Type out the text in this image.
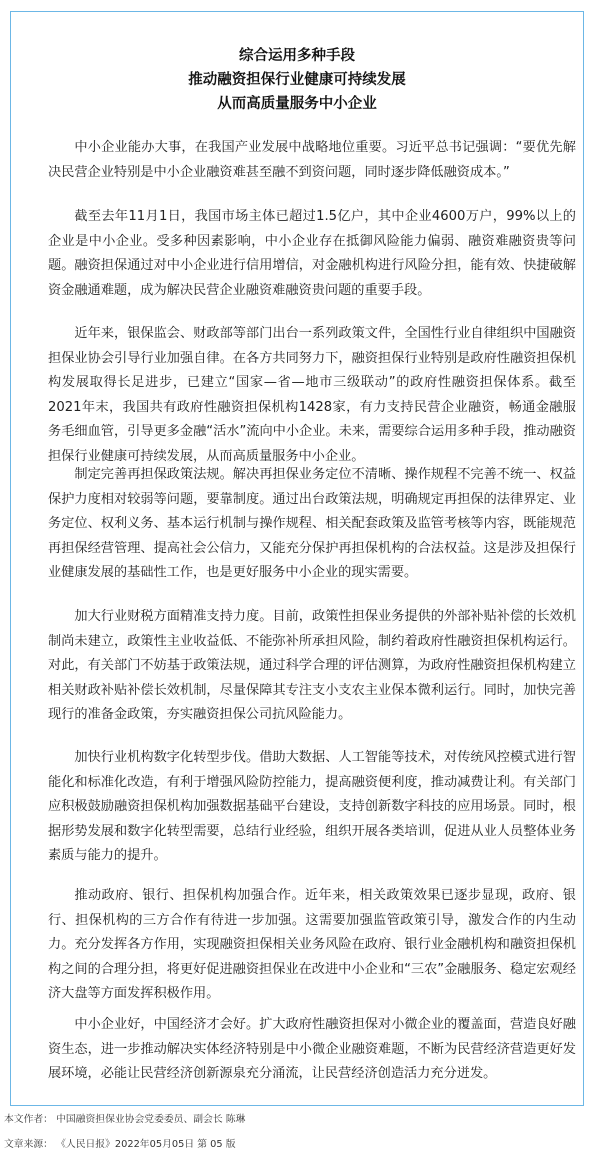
综合运用多种手段
推动融资担保行业健康可持续发展
从而高质量服务中小企业

中小企业能办大事，在我国产业发展中战略地位重要。习近平总书记强调：“要优先解决民营企业特别是中小企业融资难甚至融不到资问题，同时逐步降低融资成本。”

截至去年11月1日，我国市场主体已超过1.5亿户，其中企业4600万户，99%以上的企业是中小企业。受多种因素影响，中小企业存在抵御风险能力偏弱、融资难融资贵等问题。融资担保通过对中小企业进行信用增信，对金融机构进行风险分担，能有效、快捷破解资金融通难题，成为解决民营企业融资难融资贵问题的重要手段。

近年来，银保监会、财政部等部门出台一系列政策文件，全国性行业自律组织中国融资担保业协会引导行业加强自律。在各方共同努力下，融资担保行业特别是政府性融资担保机构发展取得长足进步，已建立“国家—省—地市三级联动”的政府性融资担保体系。截至2021年末，我国共有政府性融资担保机构1428家，有力支持民营企业融资，畅通金融服务毛细血管，引导更多金融“活水”流向中小企业。未来，需要综合运用多种手段，推动融资担保行业健康可持续发展，从而高质量服务中小企业。

制定完善再担保政策法规。解决再担保业务定位不清晰、操作规程不完善不统一、权益保护力度相对较弱等问题，要靠制度。通过出台政策法规，明确规定再担保的法律界定、业务定位、权利义务、基本运行机制与操作规程、相关配套政策及监管考核等内容，既能规范再担保经营管理、提高社会公信力，又能充分保护再担保机构的合法权益。这是涉及担保行业健康发展的基础性工作，也是更好服务中小企业的现实需要。

加大行业财税方面精准支持力度。目前，政策性担保业务提供的外部补贴补偿的长效机制尚未建立，政策性主业收益低、不能弥补所承担风险，制约着政府性融资担保机构运行。对此，有关部门不妨基于政策法规，通过科学合理的评估测算，为政府性融资担保机构建立相关财政补贴补偿长效机制，尽量保障其专注支小支农主业保本微利运行。同时，加快完善现行的准备金政策，夯实融资担保公司抗风险能力。

加快行业机构数字化转型步伐。借助大数据、人工智能等技术，对传统风控模式进行智能化和标准化改造，有利于增强风险防控能力，提高融资便利度，推动减费让利。有关部门应积极鼓励融资担保机构加强数据基础平台建设，支持创新数字科技的应用场景。同时，根据形势发展和数字化转型需要，总结行业经验，组织开展各类培训，促进从业人员整体业务素质与能力的提升。

推动政府、银行、担保机构加强合作。近年来，相关政策效果已逐步显现，政府、银行、担保机构的三方合作有待进一步加强。这需要加强监管政策引导，激发合作的内生动力。充分发挥各方作用，实现融资担保相关业务风险在政府、银行业金融机构和融资担保机构之间的合理分担，将更好促进融资担保业在改进中小企业和“三农”金融服务、稳定宏观经济大盘等方面发挥积极作用。

中小企业好，中国经济才会好。扩大政府性融资担保对小微企业的覆盖面，营造良好融资生态，进一步推动解决实体经济特别是中小微企业融资难题，不断为民营经济营造更好发展环境，必能让民营经济创新源泉充分涌流，让民营经济创造活力充分迸发。

本文作者： 中国融资担保业协会党委委员、副会长 陈琳
文章来源： 《人民日报》2022年05月05日 第 05 版
